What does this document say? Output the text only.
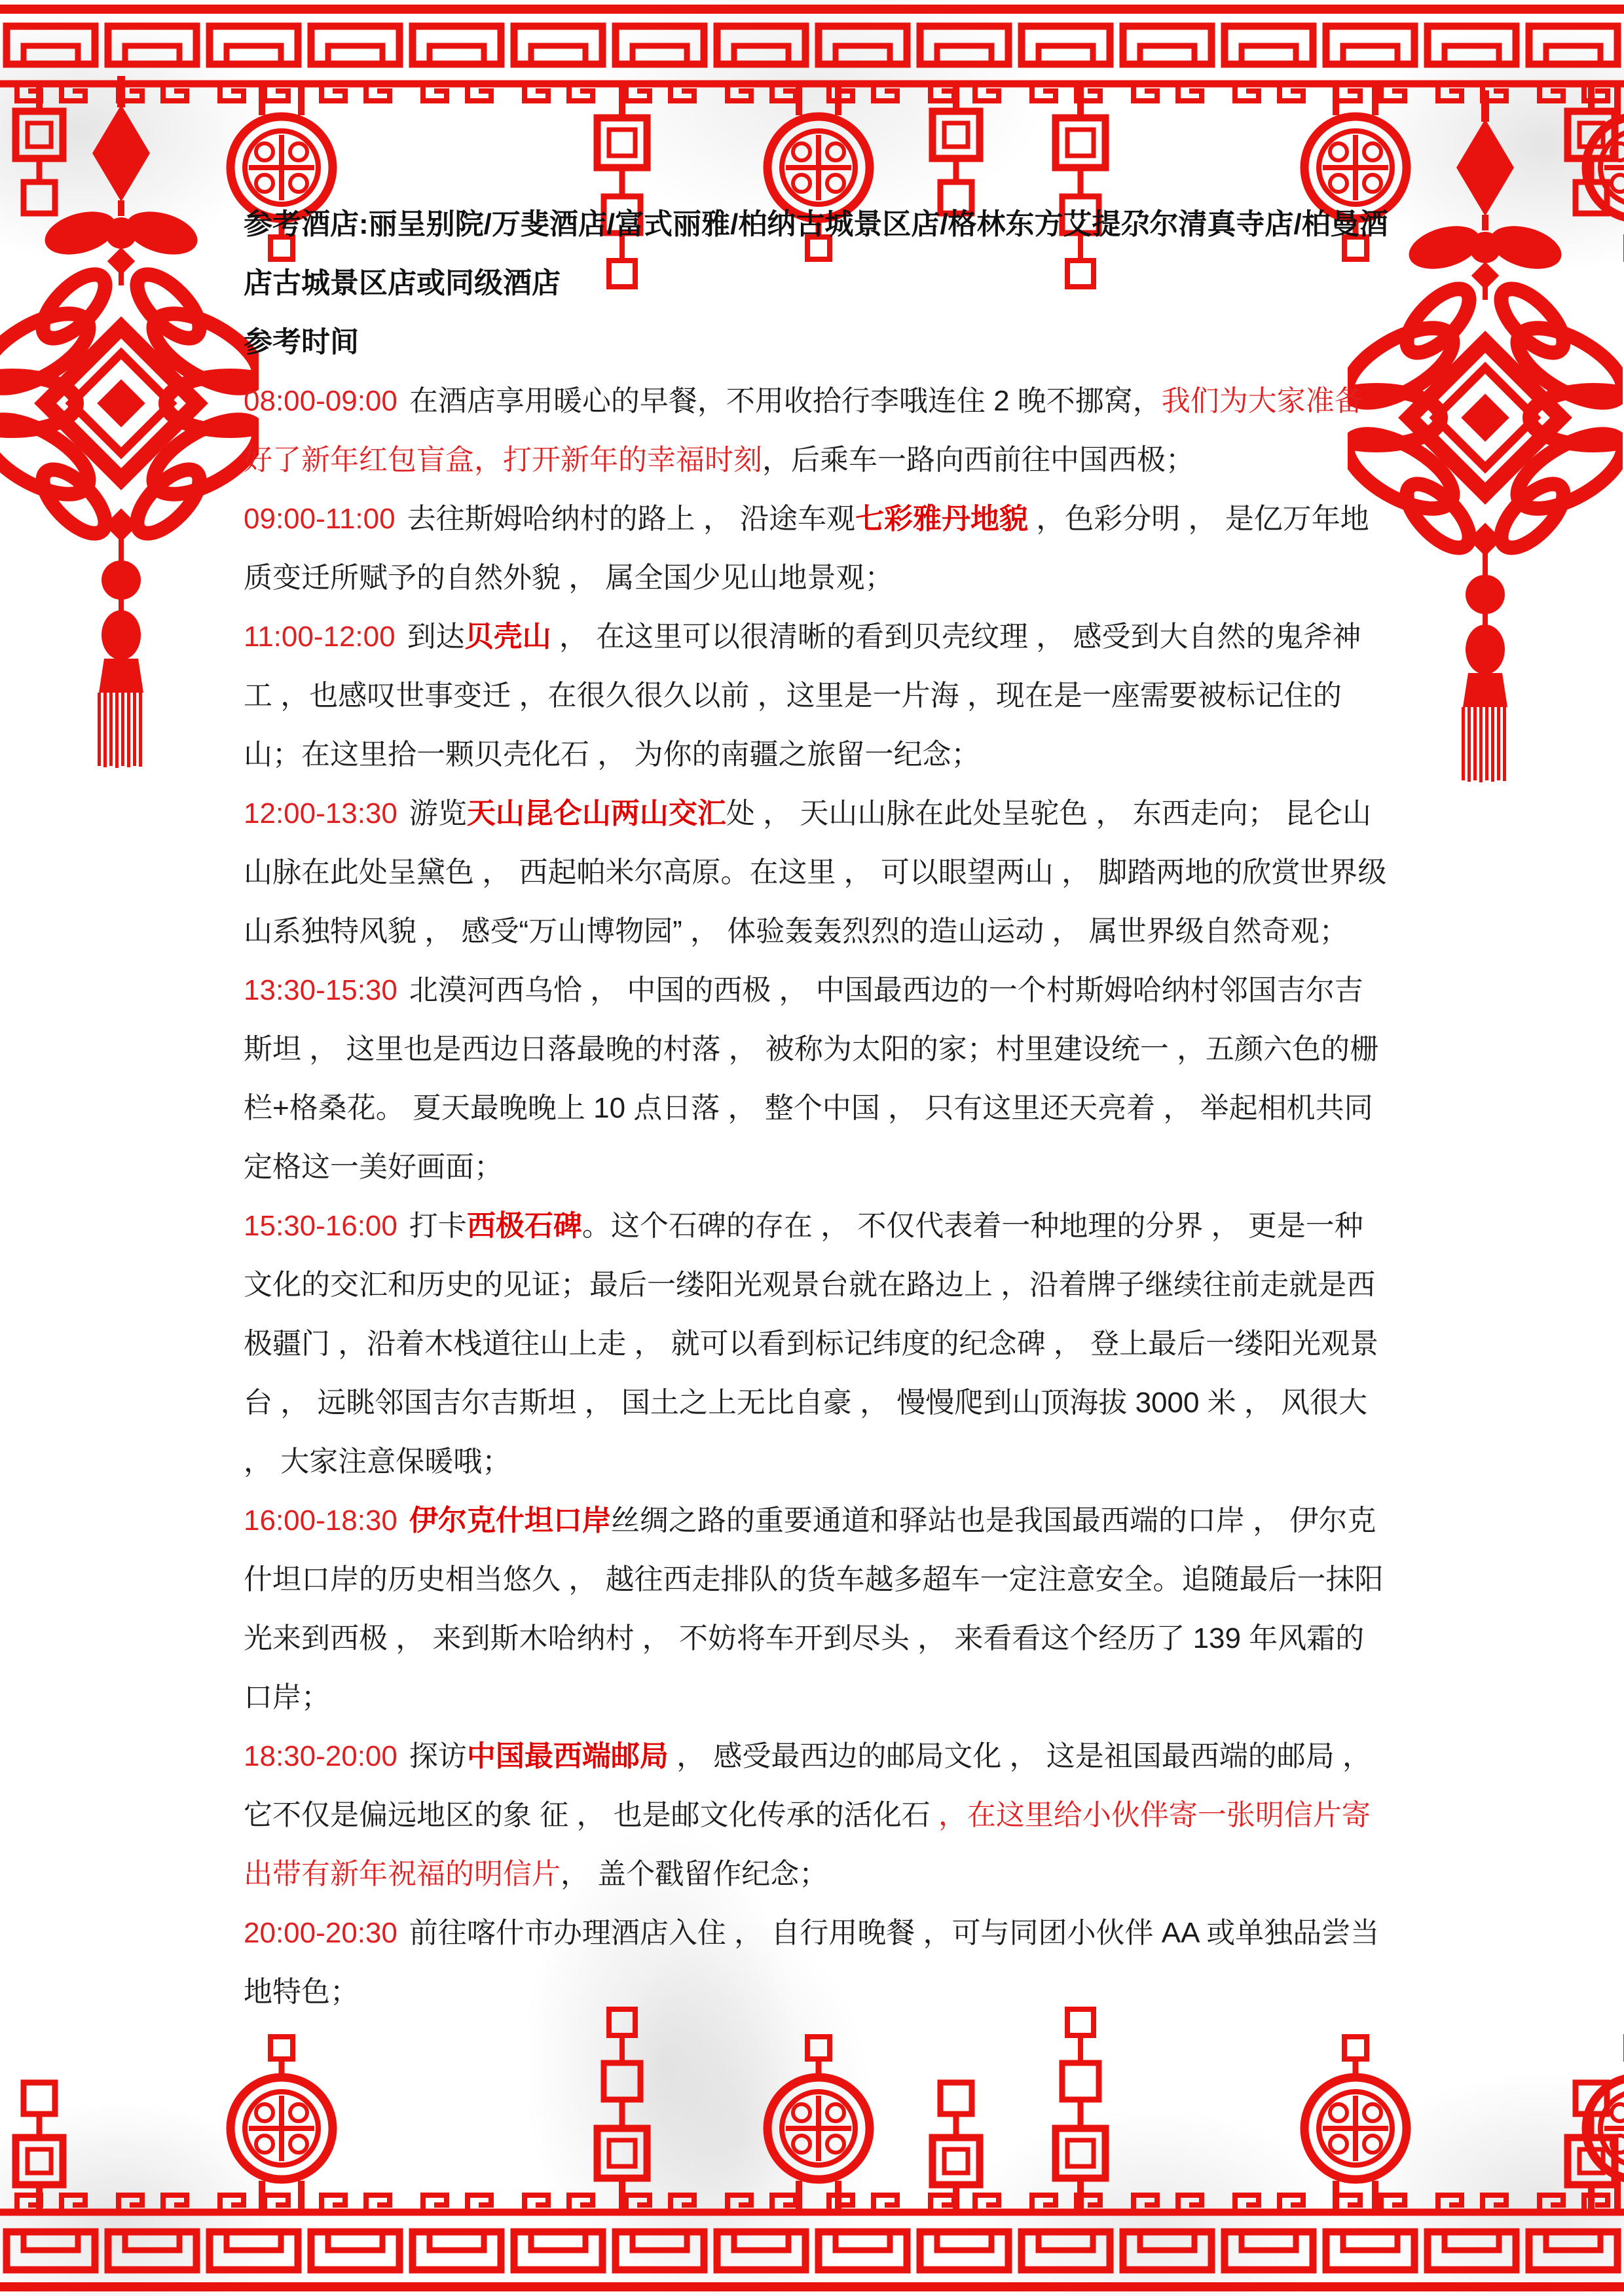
参考酒店:丽呈别院/万斐酒店/富式丽雅/柏纳古城景区店/格林东方艾提尕尔清真寺店/柏曼酒店古城景区店或同级酒店

参考时间

08:00-09:00 在酒店享用暖心的早餐，不用收拾行李哦连住 2 晚不挪窝，我们为大家准备好了新年红包盲盒，打开新年的幸福时刻，后乘车一路向西前往中国西极；

09:00-11:00 去往斯姆哈纳村的路上 ， 沿途车观七彩雅丹地貌 ，色彩分明 ， 是亿万年地质变迁所赋予的自然外貌 ， 属全国少见山地景观；

11:00-12:00 到达贝壳山 ， 在这里可以很清晰的看到贝壳纹理 ， 感受到大自然的鬼斧神工 ，也感叹世事变迁 ，在很久很久以前 ，这里是一片海 ，现在是一座需要被标记住的山；在这里拾一颗贝壳化石 ， 为你的南疆之旅留一纪念；

12:00-13:30 游览天山昆仑山两山交汇处 ， 天山山脉在此处呈驼色 ， 东西走向； 昆仑山山脉在此处呈黛色 ， 西起帕米尔高原。在这里 ， 可以眼望两山 ， 脚踏两地的欣赏世界级山系独特风貌 ， 感受“万山博物园” ， 体验轰轰烈烈的造山运动 ， 属世界级自然奇观；

13:30-15:30 北漠河西乌恰 ， 中国的西极 ， 中国最西边的一个村斯姆哈纳村邻国吉尔吉斯坦 ， 这里也是西边日落最晚的村落 ， 被称为太阳的家；村里建设统一 ，五颜六色的栅栏+格桑花。 夏天最晚晚上 10 点日落 ， 整个中国 ， 只有这里还天亮着 ， 举起相机共同定格这一美好画面；

15:30-16:00 打卡西极石碑。这个石碑的存在 ， 不仅代表着一种地理的分界 ， 更是一种文化的交汇和历史的见证；最后一缕阳光观景台就在路边上 ，沿着牌子继续往前走就是西极疆门 ，沿着木栈道往山上走 ， 就可以看到标记纬度的纪念碑 ， 登上最后一缕阳光观景台 ， 远眺邻国吉尔吉斯坦 ， 国土之上无比自豪 ， 慢慢爬到山顶海拔 3000 米 ， 风很大 ， 大家注意保暖哦；

16:00-18:30 伊尔克什坦口岸丝绸之路的重要通道和驿站也是我国最西端的口岸 ， 伊尔克什坦口岸的历史相当悠久 ， 越往西走排队的货车越多超车一定注意安全。追随最后一抹阳光来到西极 ， 来到斯木哈纳村 ， 不妨将车开到尽头 ， 来看看这个经历了 139 年风霜的口岸；

18:30-20:00 探访中国最西端邮局 ， 感受最西边的邮局文化 ， 这是祖国最西端的邮局 ， 它不仅是偏远地区的象 征 ， 也是邮文化传承的活化石 ，在这里给小伙伴寄一张明信片寄出带有新年祝福的明信片， 盖个戳留作纪念；

20:00-20:30 前往喀什市办理酒店入住 ， 自行用晚餐 ，可与同团小伙伴 AA 或单独品尝当地特色；
